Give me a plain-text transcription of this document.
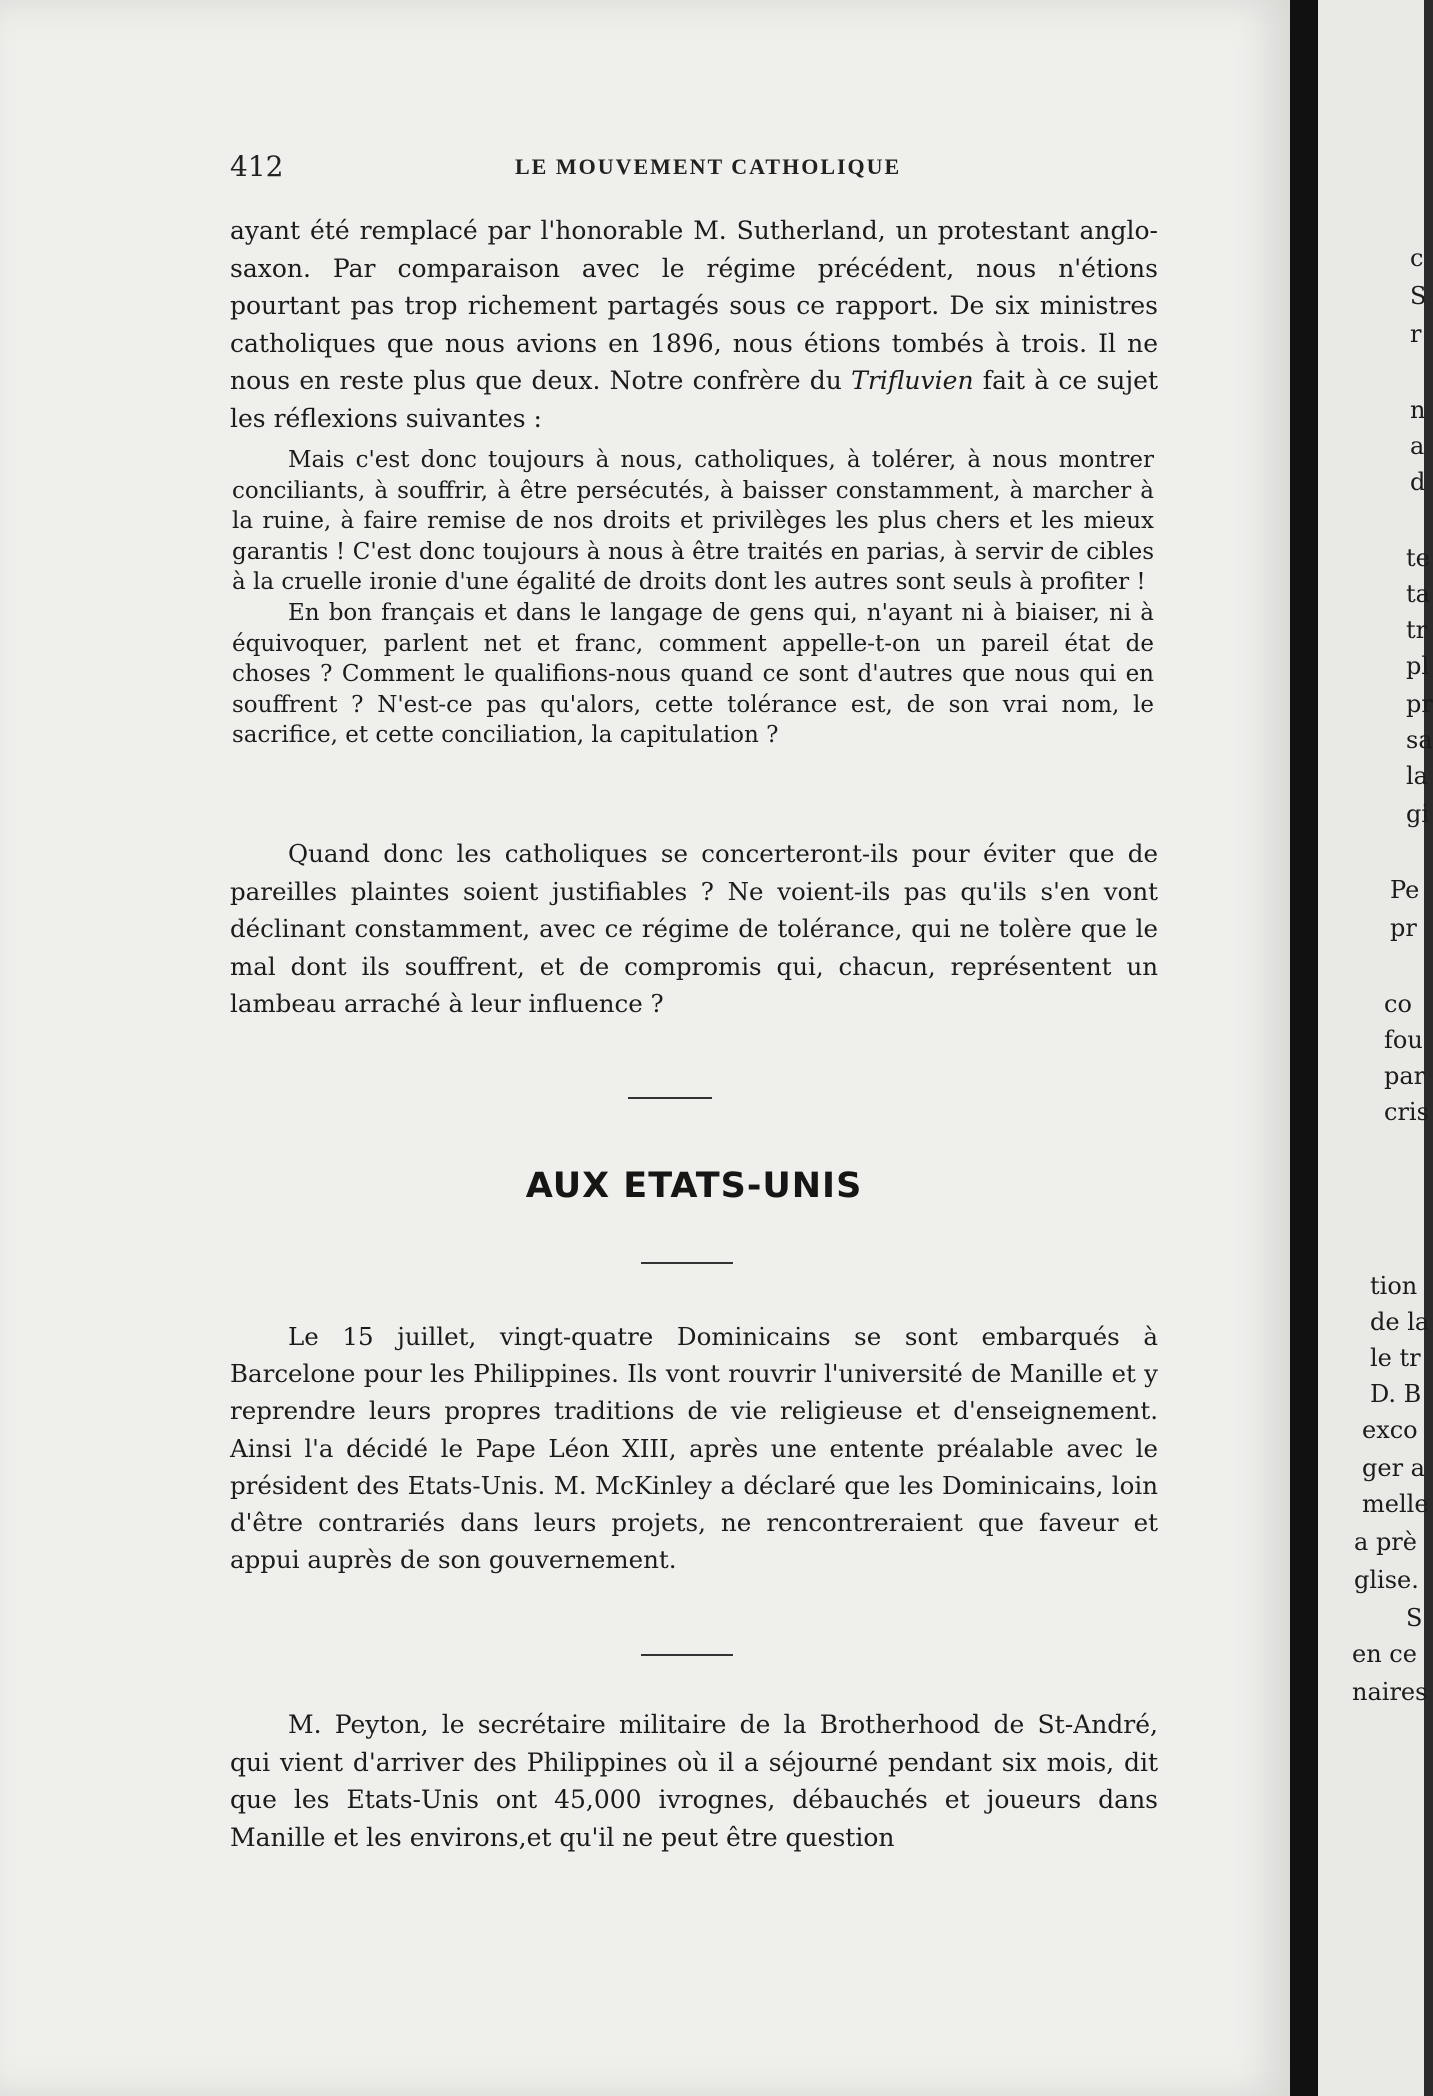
412	LE MOUVEMENT CATHOLIQUE

ayant été remplacé par l'honorable M. Sutherland, un protestant anglo-saxon. Par comparaison avec le régime précédent, nous n'étions pourtant pas trop richement partagés sous ce rapport. De six ministres catholiques que nous avions en 1896, nous étions tombés à trois. Il ne nous en reste plus que deux. Notre confrère du Trifluvien fait à ce sujet les réflexions suivantes :

Mais c'est donc toujours à nous, catholiques, à tolérer, à nous montrer conciliants, à souffrir, à être persécutés, à baisser constamment, à marcher à la ruine, à faire remise de nos droits et privilèges les plus chers et les mieux garantis ! C'est donc toujours à nous à être traités en parias, à servir de cibles à la cruelle ironie d'une égalité de droits dont les autres sont seuls à profiter !

En bon français et dans le langage de gens qui, n'ayant ni à biaiser, ni à équivoquer, parlent net et franc, comment appelle-t-on un pareil état de choses ? Comment le qualifions-nous quand ce sont d'autres que nous qui en souffrent ? N'est-ce pas qu'alors, cette tolérance est, de son vrai nom, le sacrifice, et cette conciliation, la capitulation ?

Quand donc les catholiques se concerteront-ils pour éviter que de pareilles plaintes soient justifiables ? Ne voient-ils pas qu'ils s'en vont déclinant constamment, avec ce régime de tolérance, qui ne tolère que le mal dont ils souffrent, et de compromis qui, chacun, représentent un lambeau arraché à leur influence ?

AUX ETATS-UNIS

Le 15 juillet, vingt-quatre Dominicains se sont embarqués à Barcelone pour les Philippines. Ils vont rouvrir l'université de Manille et y reprendre leurs propres traditions de vie religieuse et d'enseignement. Ainsi l'a décidé le Pape Léon XIII, après une entente préalable avec le président des Etats-Unis. M. McKinley a déclaré que les Dominicains, loin d'être contrariés dans leurs projets, ne rencontreraient que faveur et appui auprès de son gouvernement.

M. Peyton, le secrétaire militaire de la Brotherhood de St-André, qui vient d'arriver des Philippines où il a séjourné pendant six mois, dit que les Etats-Unis ont 45,000 ivrognes, débauchés et joueurs dans Manille et les environs,et qu'il ne peut être question

c
S
r
n
a
d
te
ta
tr
pl
pr
sa
la
gi
Pe
pr
co
fou
par
cris
tion
de la
le tr
D. B
exco
ger a
melle
a prè
glise.
S
en ce
naires
